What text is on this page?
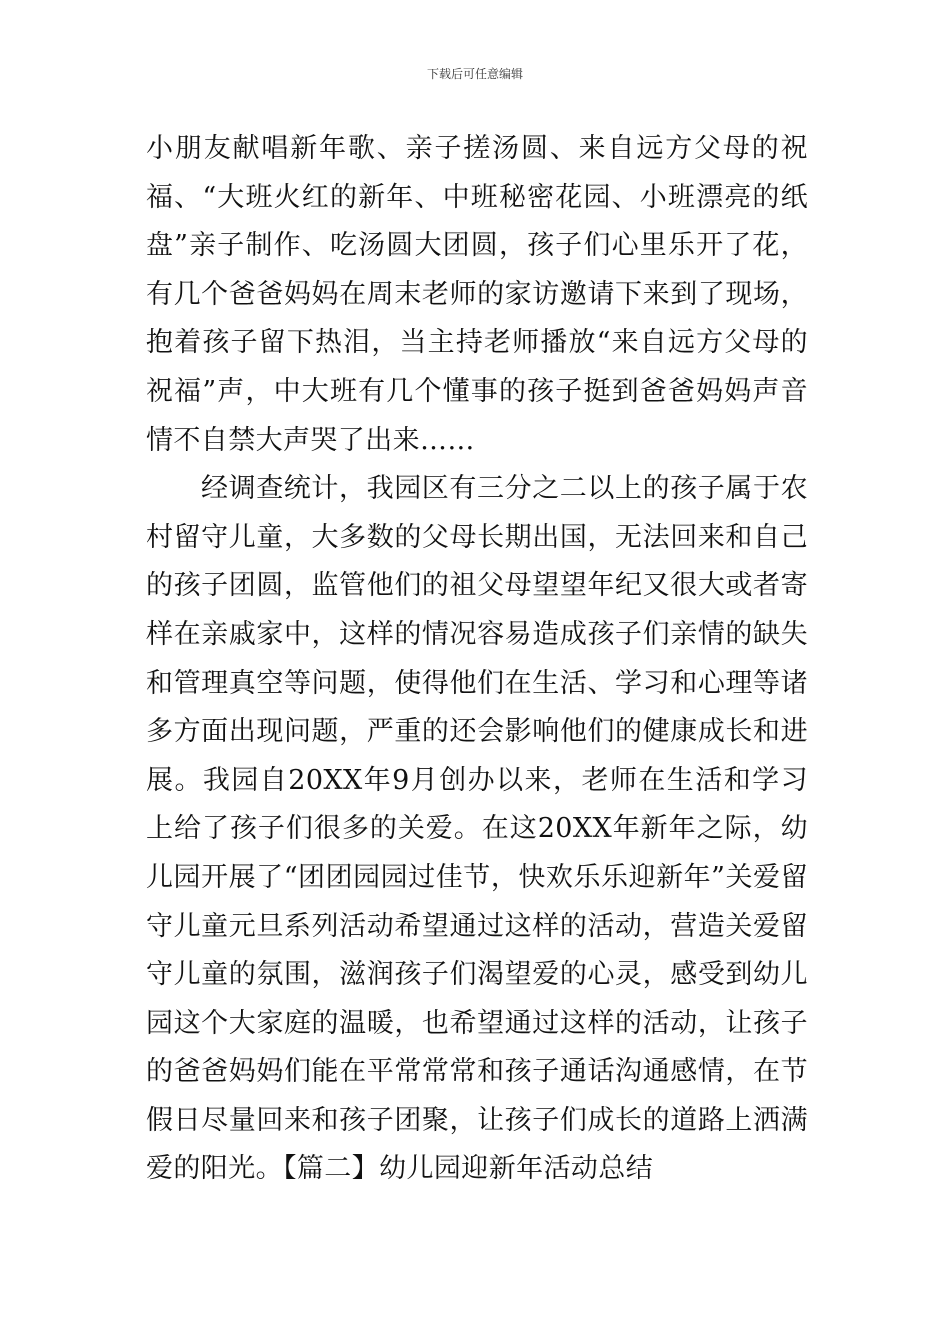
下载后可任意编辑

小朋友献唱新年歌、亲子搓汤圆、来自远方父母的祝福、“大班火红的新年、中班秘密花园、小班漂亮的纸盘”亲子制作、吃汤圆大团圆，孩子们心里乐开了花，有几个爸爸妈妈在周末老师的家访邀请下来到了现场，抱着孩子留下热泪，当主持老师播放“来自远方父母的祝福”声，中大班有几个懂事的孩子挺到爸爸妈妈声音情不自禁大声哭了出来……

经调查统计，我园区有三分之二以上的孩子属于农村留守儿童，大多数的父母长期出国，无法回来和自己的孩子团圆，监管他们的祖父母望望年纪又很大或者寄样在亲戚家中，这样的情况容易造成孩子们亲情的缺失和管理真空等问题，使得他们在生活、学习和心理等诸多方面出现问题，严重的还会影响他们的健康成长和进展。我园自20XX年9月创办以来，老师在生活和学习上给了孩子们很多的关爱。在这20XX年新年之际，幼儿园开展了“团团园园过佳节，快欢乐乐迎新年”关爱留守儿童元旦系列活动希望通过这样的活动，营造关爱留守儿童的氛围，滋润孩子们渴望爱的心灵，感受到幼儿园这个大家庭的温暖，也希望通过这样的活动，让孩子的爸爸妈妈们能在平常常常和孩子通话沟通感情，在节假日尽量回来和孩子团聚，让孩子们成长的道路上洒满爱的阳光。【篇二】幼儿园迎新年活动总结
